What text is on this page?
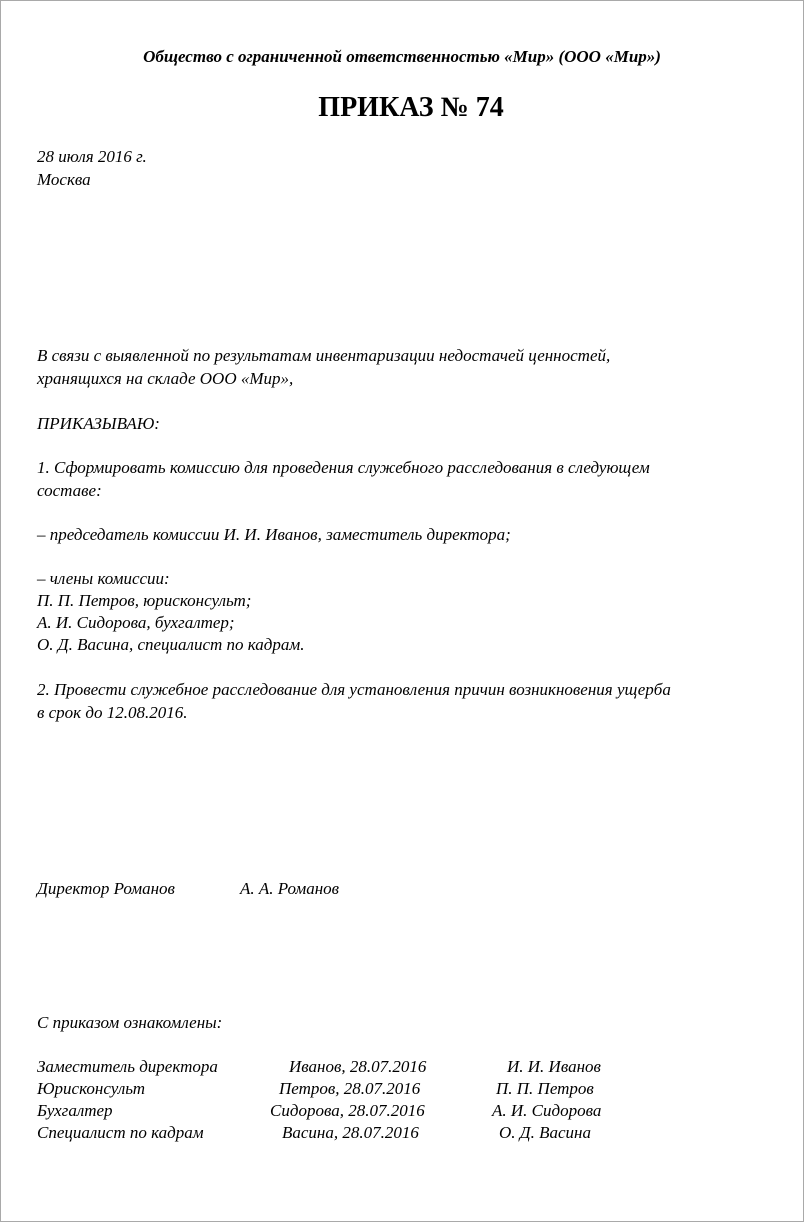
Общество с ограниченной ответственностью «Мир» (ООО «Мир»)
ПРИКАЗ № 74
28 июля 2016 г.
Москва
В связи с выявленной по результатам инвентаризации недостачей ценностей,
хранящихся на складе ООО «Мир»,
ПРИКАЗЫВАЮ:
1. Сформировать комиссию для проведения служебного расследования в следующем
составе:
– председатель комиссии И. И. Иванов, заместитель директора;
– члены комиссии:
П. П. Петров, юрисконсульт;
А. И. Сидорова, бухгалтер;
О. Д. Васина, специалист по кадрам.
2. Провести служебное расследование для установления причин возникновения ущерба
в срок до 12.08.2016.
Директор Романов	А. А. Романов
С приказом ознакомлены:
Заместитель директора	Иванов, 28.07.2016	И. И. Иванов
Юрисконсульт	Петров, 28.07.2016	П. П. Петров
Бухгалтер	Сидорова, 28.07.2016	А. И. Сидорова
Специалист по кадрам	Васина, 28.07.2016	О. Д. Васина
